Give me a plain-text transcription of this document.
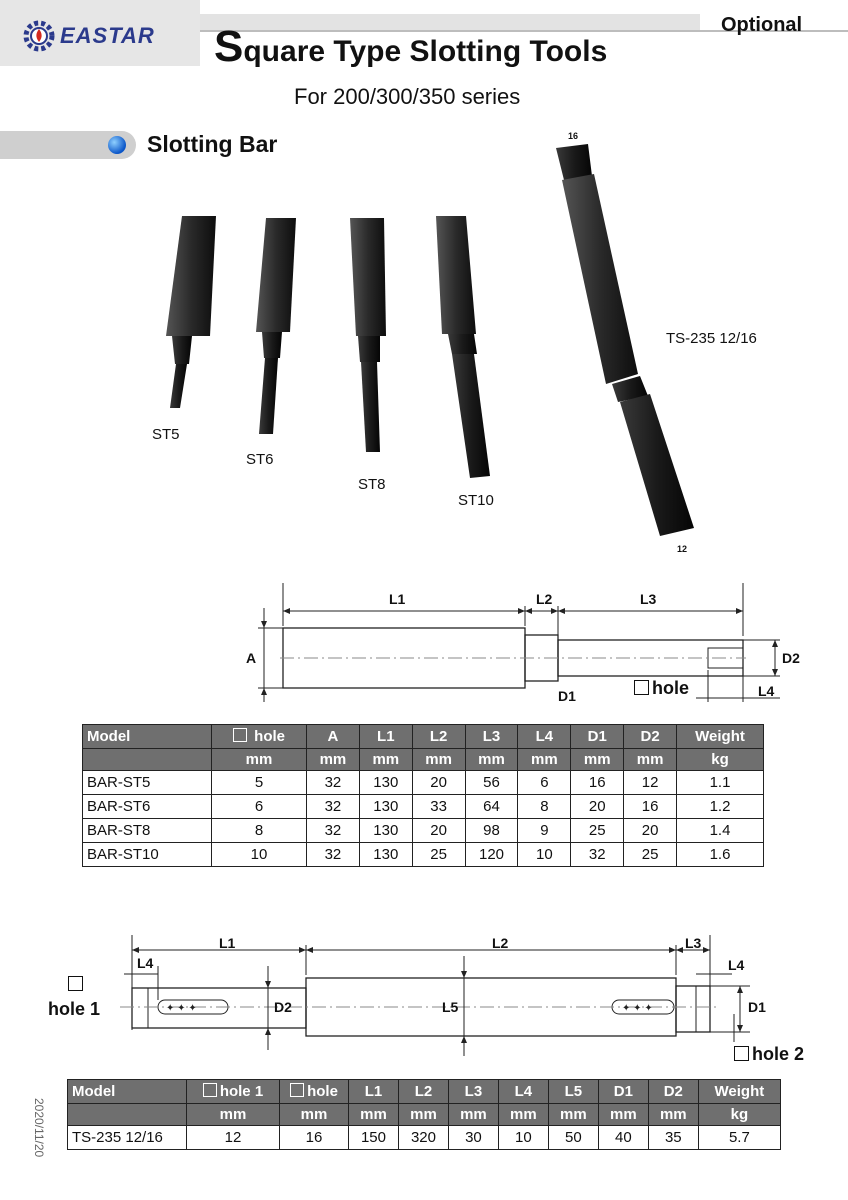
EASTAR	Optional
Square Type Slotting Tools
For 200/300/350 series
Slotting Bar
ST5
ST6
ST8
ST10
TS-235 12/16
16
12
L1	L2	L3
A	D2
D1	L4
hole
Model	hole	A	L1	L2	L3	L4	D1	D2	Weight
	mm	mm	mm	mm	mm	mm	mm	mm	kg
BAR-ST5	5	32	130	20	56	6	16	12	1.1
BAR-ST6	6	32	130	33	64	8	20	16	1.2
BAR-ST8	8	32	130	20	98	9	25	20	1.4
BAR-ST10	10	32	130	25	120	10	32	25	1.6
✦ ✦ ✦	✦ ✦ ✦
L1	L2	L3
L4	L4
D2	L5	D1
hole 1
hole 2
Model	hole 1	hole	L1	L2	L3	L4	L5	D1	D2	Weight
	mm	mm	mm	mm	mm	mm	mm	mm	mm	kg
TS-235 12/16	12	16	150	320	30	10	50	40	35	5.7
2020/11/20
